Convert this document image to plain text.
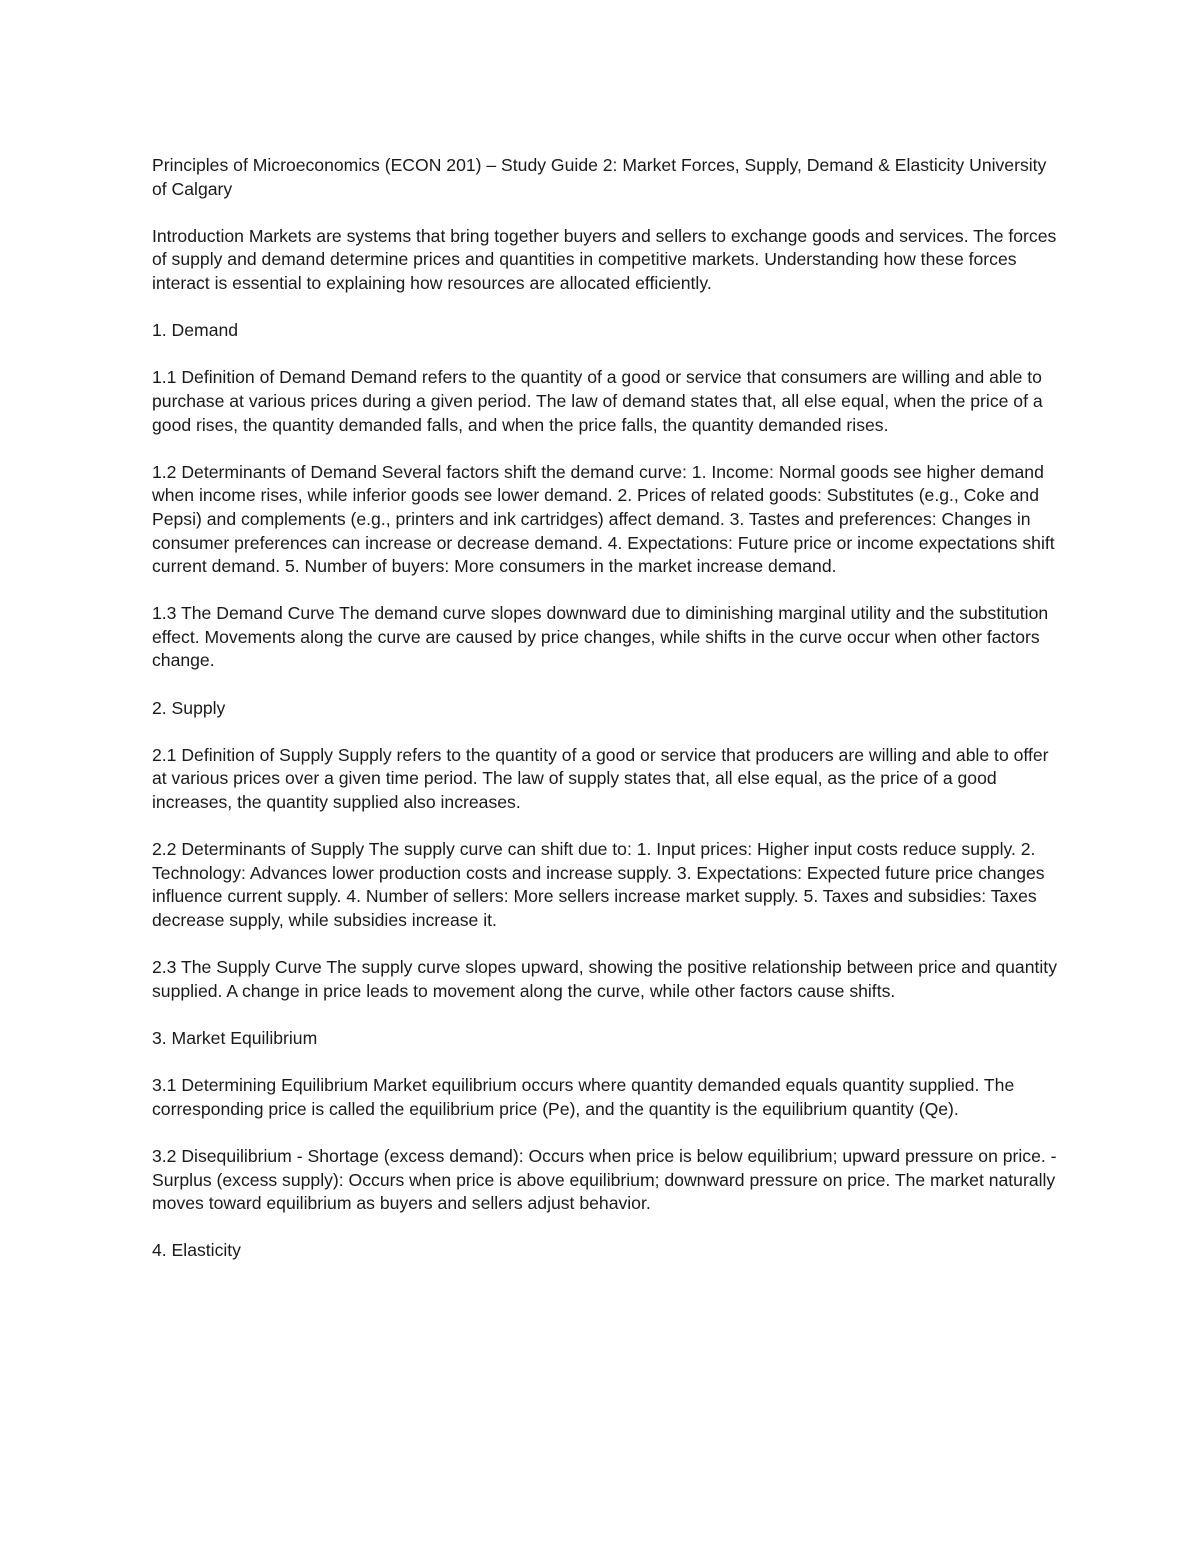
Principles of Microeconomics (ECON 201) – Study Guide 2: Market Forces, Supply, Demand & Elasticity University of Calgary

Introduction Markets are systems that bring together buyers and sellers to exchange goods and services. The forces of supply and demand determine prices and quantities in competitive markets. Understanding how these forces interact is essential to explaining how resources are allocated efficiently.

1. Demand

1.1 Definition of Demand Demand refers to the quantity of a good or service that consumers are willing and able to purchase at various prices during a given period. The law of demand states that, all else equal, when the price of a good rises, the quantity demanded falls, and when the price falls, the quantity demanded rises.

1.2 Determinants of Demand Several factors shift the demand curve: 1. Income: Normal goods see higher demand when income rises, while inferior goods see lower demand. 2. Prices of related goods: Substitutes (e.g., Coke and Pepsi) and complements (e.g., printers and ink cartridges) affect demand. 3. Tastes and preferences: Changes in consumer preferences can increase or decrease demand. 4. Expectations: Future price or income expectations shift current demand. 5. Number of buyers: More consumers in the market increase demand.

1.3 The Demand Curve The demand curve slopes downward due to diminishing marginal utility and the substitution effect. Movements along the curve are caused by price changes, while shifts in the curve occur when other factors change.

2. Supply

2.1 Definition of Supply Supply refers to the quantity of a good or service that producers are willing and able to offer at various prices over a given time period. The law of supply states that, all else equal, as the price of a good increases, the quantity supplied also increases.

2.2 Determinants of Supply The supply curve can shift due to: 1. Input prices: Higher input costs reduce supply. 2. Technology: Advances lower production costs and increase supply. 3. Expectations: Expected future price changes influence current supply. 4. Number of sellers: More sellers increase market supply. 5. Taxes and subsidies: Taxes decrease supply, while subsidies increase it.

2.3 The Supply Curve The supply curve slopes upward, showing the positive relationship between price and quantity supplied. A change in price leads to movement along the curve, while other factors cause shifts.

3. Market Equilibrium

3.1 Determining Equilibrium Market equilibrium occurs where quantity demanded equals quantity supplied. The corresponding price is called the equilibrium price (Pe), and the quantity is the equilibrium quantity (Qe).

3.2 Disequilibrium - Shortage (excess demand): Occurs when price is below equilibrium; upward pressure on price. - Surplus (excess supply): Occurs when price is above equilibrium; downward pressure on price. The market naturally moves toward equilibrium as buyers and sellers adjust behavior.

4. Elasticity
